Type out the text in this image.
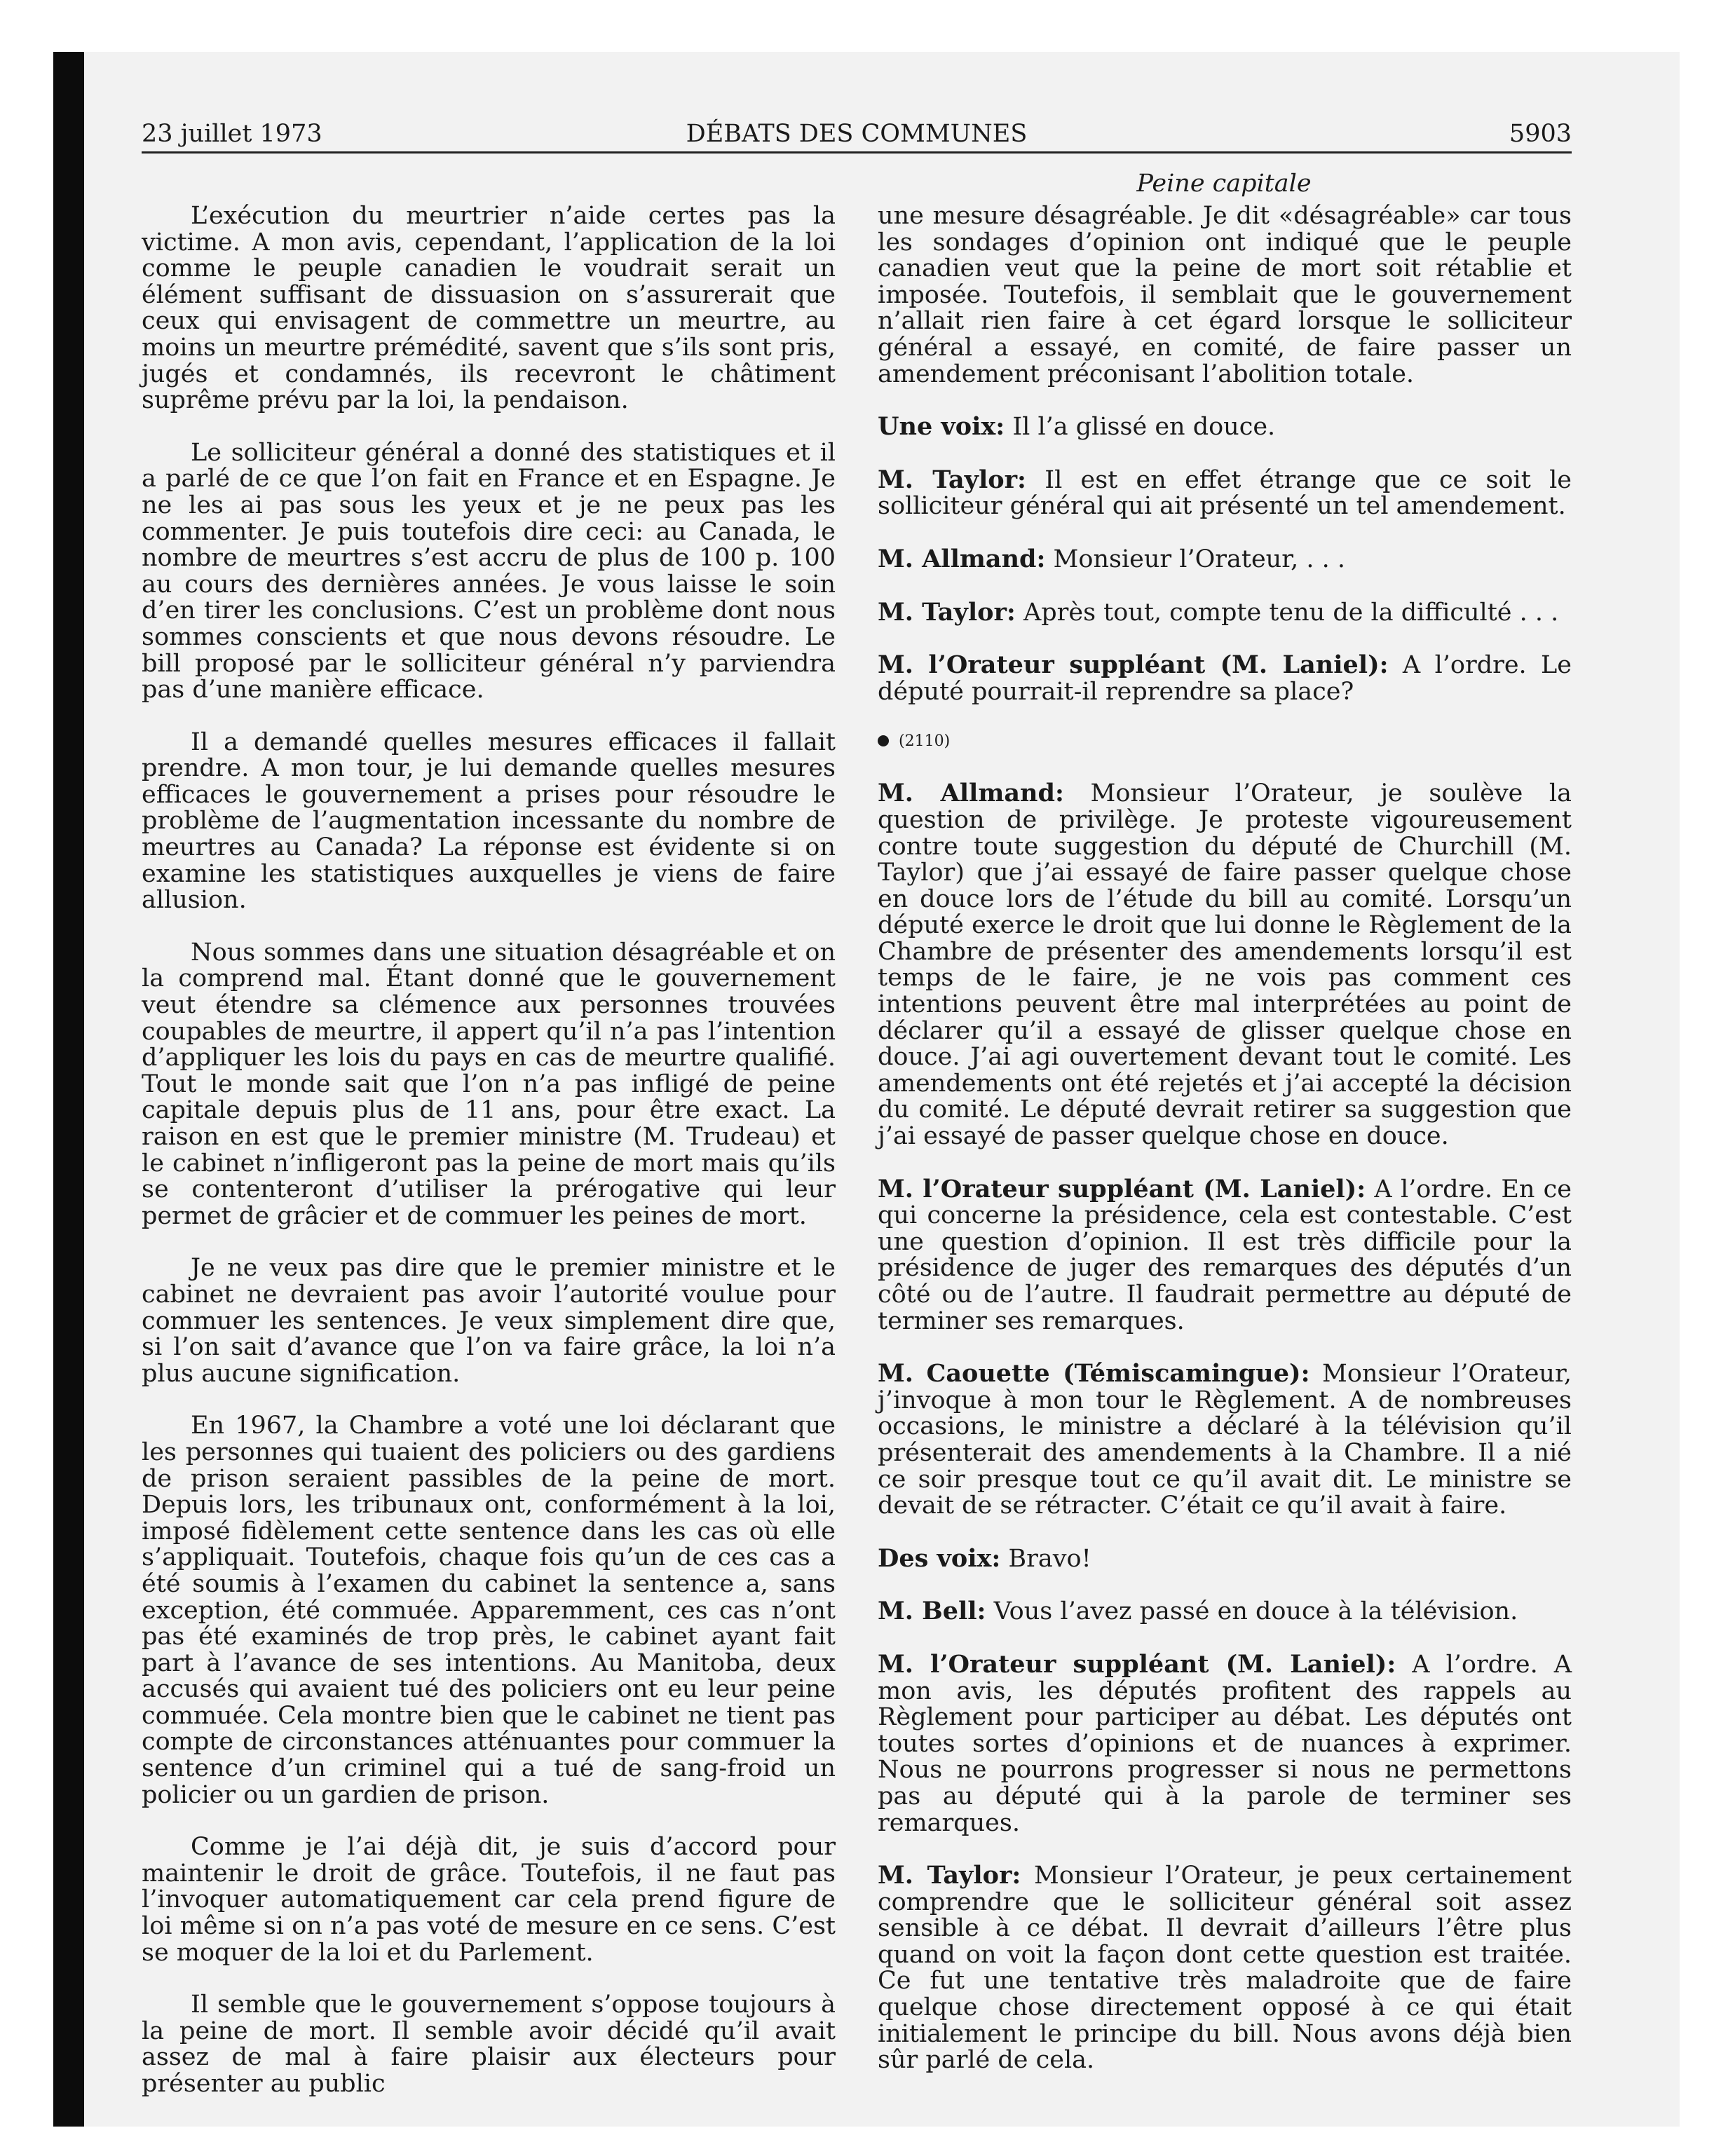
23 juillet 1973	DÉBATS DES COMMUNES	5903
Peine capitale

L’exécution du meurtrier n’aide certes pas la victime. A mon avis, cependant, l’application de la loi comme le peuple canadien le voudrait serait un élément suffisant de dissuasion on s’assurerait que ceux qui envisagent de commettre un meurtre, au moins un meurtre prémédité, savent que s’ils sont pris, jugés et condamnés, ils recevront le châtiment suprême prévu par la loi, la pendaison.

Le solliciteur général a donné des statistiques et il a parlé de ce que l’on fait en France et en Espagne. Je ne les ai pas sous les yeux et je ne peux pas les commenter. Je puis toutefois dire ceci: au Canada, le nombre de meurtres s’est accru de plus de 100 p. 100 au cours des dernières années. Je vous laisse le soin d’en tirer les conclusions. C’est un problème dont nous sommes conscients et que nous devons résoudre. Le bill proposé par le solliciteur général n’y parviendra pas d’une manière efficace.

Il a demandé quelles mesures efficaces il fallait prendre. A mon tour, je lui demande quelles mesures efficaces le gouvernement a prises pour résoudre le problème de l’augmentation incessante du nombre de meurtres au Canada? La réponse est évidente si on examine les statistiques auxquelles je viens de faire allusion.

Nous sommes dans une situation désagréable et on la comprend mal. Étant donné que le gouvernement veut étendre sa clémence aux personnes trouvées coupables de meurtre, il appert qu’il n’a pas l’intention d’appliquer les lois du pays en cas de meurtre qualifié. Tout le monde sait que l’on n’a pas infligé de peine capitale depuis plus de 11 ans, pour être exact. La raison en est que le premier ministre (M. Trudeau) et le cabinet n’infligeront pas la peine de mort mais qu’ils se contenteront d’utiliser la prérogative qui leur permet de grâcier et de commuer les peines de mort.

Je ne veux pas dire que le premier ministre et le cabinet ne devraient pas avoir l’autorité voulue pour commuer les sentences. Je veux simplement dire que, si l’on sait d’avance que l’on va faire grâce, la loi n’a plus aucune signification.

En 1967, la Chambre a voté une loi déclarant que les personnes qui tuaient des policiers ou des gardiens de prison seraient passibles de la peine de mort. Depuis lors, les tribunaux ont, conformément à la loi, imposé fidèlement cette sentence dans les cas où elle s’appliquait. Toutefois, chaque fois qu’un de ces cas a été soumis à l’examen du cabinet la sentence a, sans exception, été commuée. Apparemment, ces cas n’ont pas été examinés de trop près, le cabinet ayant fait part à l’avance de ses intentions. Au Manitoba, deux accusés qui avaient tué des policiers ont eu leur peine commuée. Cela montre bien que le cabinet ne tient pas compte de circonstances atténuantes pour commuer la sentence d’un criminel qui a tué de sang-froid un policier ou un gardien de prison.

Comme je l’ai déjà dit, je suis d’accord pour maintenir le droit de grâce. Toutefois, il ne faut pas l’invoquer automatiquement car cela prend figure de loi même si on n’a pas voté de mesure en ce sens. C’est se moquer de la loi et du Parlement.

Il semble que le gouvernement s’oppose toujours à la peine de mort. Il semble avoir décidé qu’il avait assez de mal à faire plaisir aux électeurs pour présenter au public

une mesure désagréable. Je dit «désagréable» car tous les sondages d’opinion ont indiqué que le peuple canadien veut que la peine de mort soit rétablie et imposée. Toutefois, il semblait que le gouvernement n’allait rien faire à cet égard lorsque le solliciteur général a essayé, en comité, de faire passer un amendement préconisant l’abolition totale.

Une voix: Il l’a glissé en douce.

M. Taylor: Il est en effet étrange que ce soit le solliciteur général qui ait présenté un tel amendement.

M. Allmand: Monsieur l’Orateur, . . .

M. Taylor: Après tout, compte tenu de la difficulté . . .

M. l’Orateur suppléant (M. Laniel): A l’ordre. Le député pourrait-il reprendre sa place?

(2110)

M. Allmand: Monsieur l’Orateur, je soulève la question de privilège. Je proteste vigoureusement contre toute suggestion du député de Churchill (M. Taylor) que j’ai essayé de faire passer quelque chose en douce lors de l’étude du bill au comité. Lorsqu’un député exerce le droit que lui donne le Règlement de la Chambre de présenter des amendements lorsqu’il est temps de le faire, je ne vois pas comment ces intentions peuvent être mal interprétées au point de déclarer qu’il a essayé de glisser quelque chose en douce. J’ai agi ouvertement devant tout le comité. Les amendements ont été rejetés et j’ai accepté la décision du comité. Le député devrait retirer sa suggestion que j’ai essayé de passer quelque chose en douce.

M. l’Orateur suppléant (M. Laniel): A l’ordre. En ce qui concerne la présidence, cela est contestable. C’est une question d’opinion. Il est très difficile pour la présidence de juger des remarques des députés d’un côté ou de l’autre. Il faudrait permettre au député de terminer ses remarques.

M. Caouette (Témiscamingue): Monsieur l’Orateur, j’invoque à mon tour le Règlement. A de nombreuses occasions, le ministre a déclaré à la télévision qu’il présenterait des amendements à la Chambre. Il a nié ce soir presque tout ce qu’il avait dit. Le ministre se devait de se rétracter. C’était ce qu’il avait à faire.

Des voix: Bravo!

M. Bell: Vous l’avez passé en douce à la télévision.

M. l’Orateur suppléant (M. Laniel): A l’ordre. A mon avis, les députés profitent des rappels au Règlement pour participer au débat. Les députés ont toutes sortes d’opinions et de nuances à exprimer. Nous ne pourrons progresser si nous ne permettons pas au député qui à la parole de terminer ses remarques.

M. Taylor: Monsieur l’Orateur, je peux certainement comprendre que le solliciteur général soit assez sensible à ce débat. Il devrait d’ailleurs l’être plus quand on voit la façon dont cette question est traitée. Ce fut une tentative très maladroite que de faire quelque chose directement opposé à ce qui était initialement le principe du bill. Nous avons déjà bien sûr parlé de cela.
